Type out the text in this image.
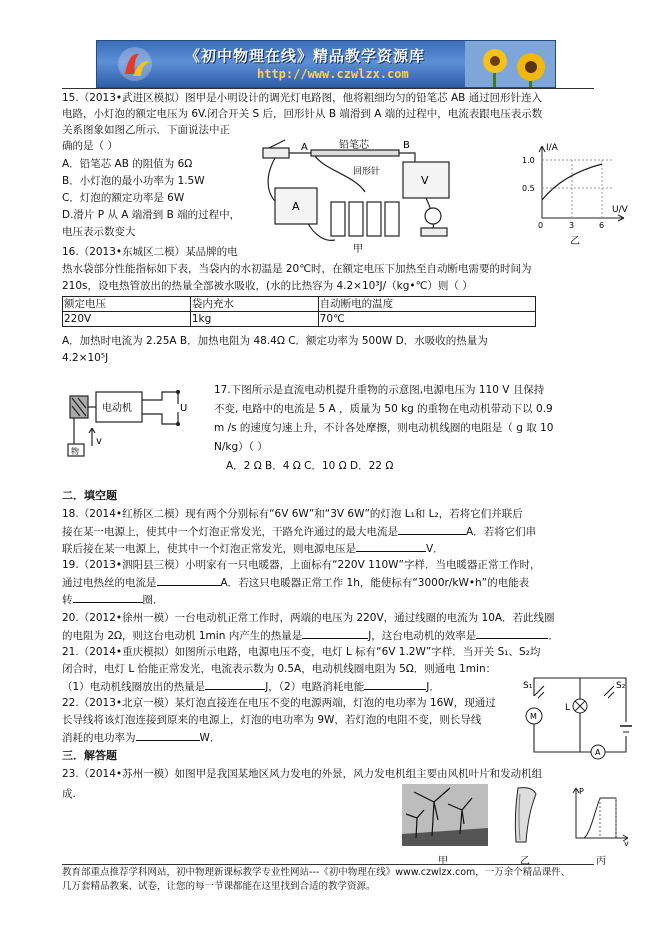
《初中物理在线》精品教学资源库
http://www.czwlzx.com
15.（2013•武进区模拟）图甲是小明设计的调光灯电路图，他将粗细均匀的铅笔芯 AB 通过回形针连入
电路，小灯泡的额定电压为 6V.闭合开关 S 后，回形针从 B 端滑到 A 端的过程中，电流表跟电压表示数
关系图象如图乙所示．下面说法中正
确的是（ ）
A．铅笔芯 AB 的阻值为 6Ω
B．小灯泡的最小功率为 1.5W
C．灯泡的额定功率是 6W
D.滑片 P 从 A 端滑到 B 端的过程中，
电压表示数变大
A	B
铅笔芯
回形针
A
V
甲
I/A
U/V
1.0
0.5
0	3	6
乙
16.（2013•东城区二模）某品牌的电
热水袋部分性能指标如下表，当袋内的水初温是 20℃时，在额定电压下加热至自动断电需要的时间为
210s，设电热管放出的热量全部被水吸收，(水的比热容为 4.2×10³J/（kg•℃）则（ ）
额定电压	袋内充水	自动断电的温度
220V	1kg	70℃
A．加热时电流为 2.25A B．加热电阻为 48.4Ω C．额定功率为 500W D．水吸收的热量为
4.2×10⁵J
电动机	U
v
物
17.下图所示是直流电动机提升重物的示意图,电源电压为 110 V 且保持
不变, 电路中的电流是 5 A ，质量为 50 kg 的重物在电动机带动下以 0.9
m /s 的速度匀速上升，不计各处摩擦，则电动机线圈的电阻是（ g 取 10
N/kg）（ ）
A．2 Ω B．4 Ω C．10 Ω D．22 Ω
二．填空题
18.（2014•红桥区二模）现有两个分别标有“6V 6W”和“3V 6W”的灯泡 L₁和 L₂，若将它们并联后
接在某一电源上，使其中一个灯泡正常发光，干路允许通过的最大电流是	A．若将它们串
联后接在某一电源上，使其中一个灯泡正常发光，则电源电压是	V．
19.（2013•泗阳县三模）小明家有一只电暖器，上面标有“220V 110W”字样．当电暖器正常工作时，
通过电热丝的电流是	A．若这只电暖器正常工作 1h，能使标有“3000r/kW•h”的电能表
转	圈．
20.（2012•徐州一模）一台电动机正常工作时，两端的电压为 220V，通过线圈的电流为 10A．若此线圈
的电阻为 2Ω，则这台电动机 1min 内产生的热量是	J，这台电动机的效率是	．
21.（2014•重庆模拟）如图所示电路，电源电压不变，电灯 L 标有“6V 1.2W”字样．当开关 S₁、S₂均
闭合时，电灯 L 恰能正常发光，电流表示数为 0.5A，电动机线圈电阻为 5Ω．则通电 1min：
（1）电动机线圈放出的热量是	J，（2）电路消耗电能	J．
22.（2013•北京一模）某灯泡直接连在电压不变的电源两端，灯泡的电功率为 16W，现通过
长导线将该灯泡连接到原来的电源上，灯泡的电功率为 9W，若灯泡的电阻不变，则长导线
消耗的电功率为	W．
S₁	S₂
L
M
A
三．解答题
23.（2014•苏州一模）如图甲是我国某地区风力发电的外景，风力发电机组主要由风机叶片和发动机组
成.	P
v
甲	乙	丙
教育部重点推荐学科网站，初中物理新课标教学专业性网站---《初中物理在线》www.czwlzx.com，一万余个精品课件、
几万套精品教案、试卷，让您的每一节课都能在这里找到合适的教学资源。
